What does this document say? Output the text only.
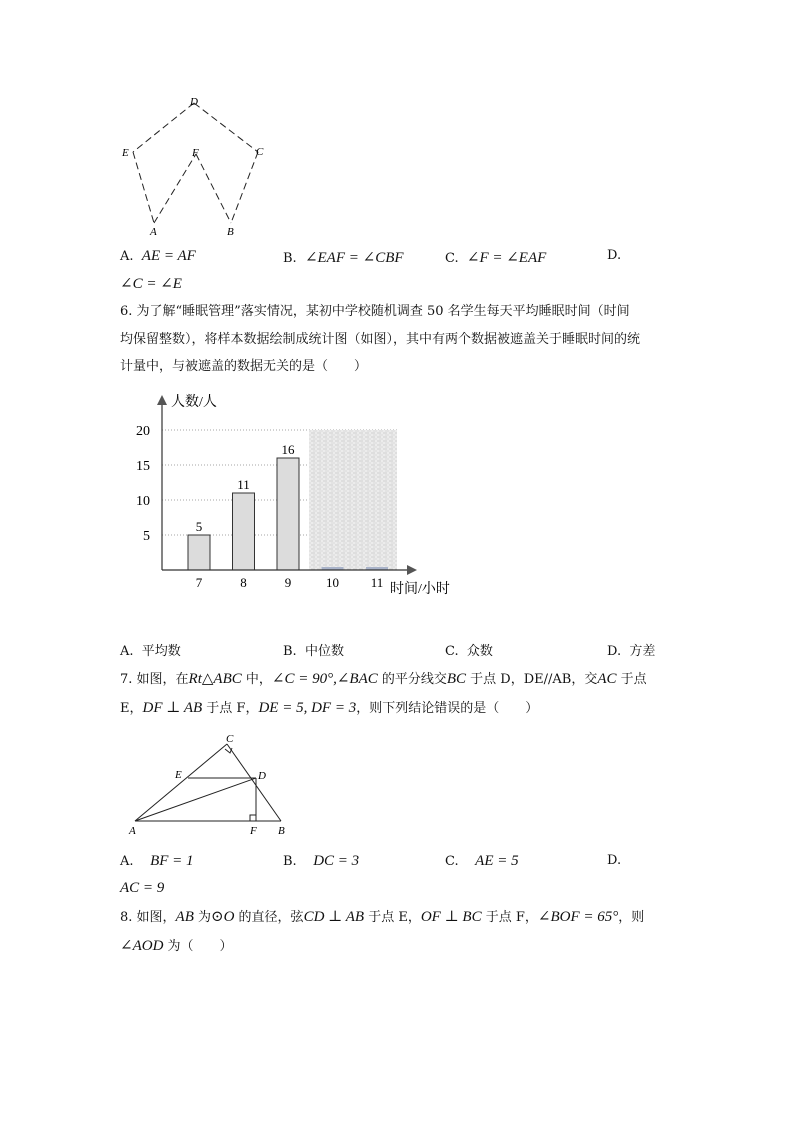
D
E	F	C
A	B
A. AE = AF	B. ∠EAF = ∠CBF	C. ∠F = ∠EAF	D.
∠C = ∠E
6. 为了解“睡眠管理”落实情况，某初中学校随机调查 50 名学生每天平均睡眠时间（时间
均保留整数），将样本数据绘制成统计图（如图），其中有两个数据被遮盖关于睡眠时间的统
计量中，与被遮盖的数据无关的是（　　）
5
11
16
5
10
15
20
7	8	9	10 11
人数/人
时间/小时
A. 平均数	B. 中位数	C. 众数	D. 方差
7. 如图，在Rt△ABC 中，∠C = 90°,∠BAC 的平分线交BC 于点 D，DE//AB，交AC 于点
E，DF ⊥ AB 于点 F，DE = 5, DF = 3，则下列结论错误的是（　　）
C
E	D
A	F B
A. BF = 1	B. DC = 3	C. AE = 5	D.
AC = 9
8. 如图，AB 为⊙O 的直径，弦CD ⊥ AB 于点 E，OF ⊥ BC 于点 F，∠BOF = 65°，则
∠AOD 为（　　）
